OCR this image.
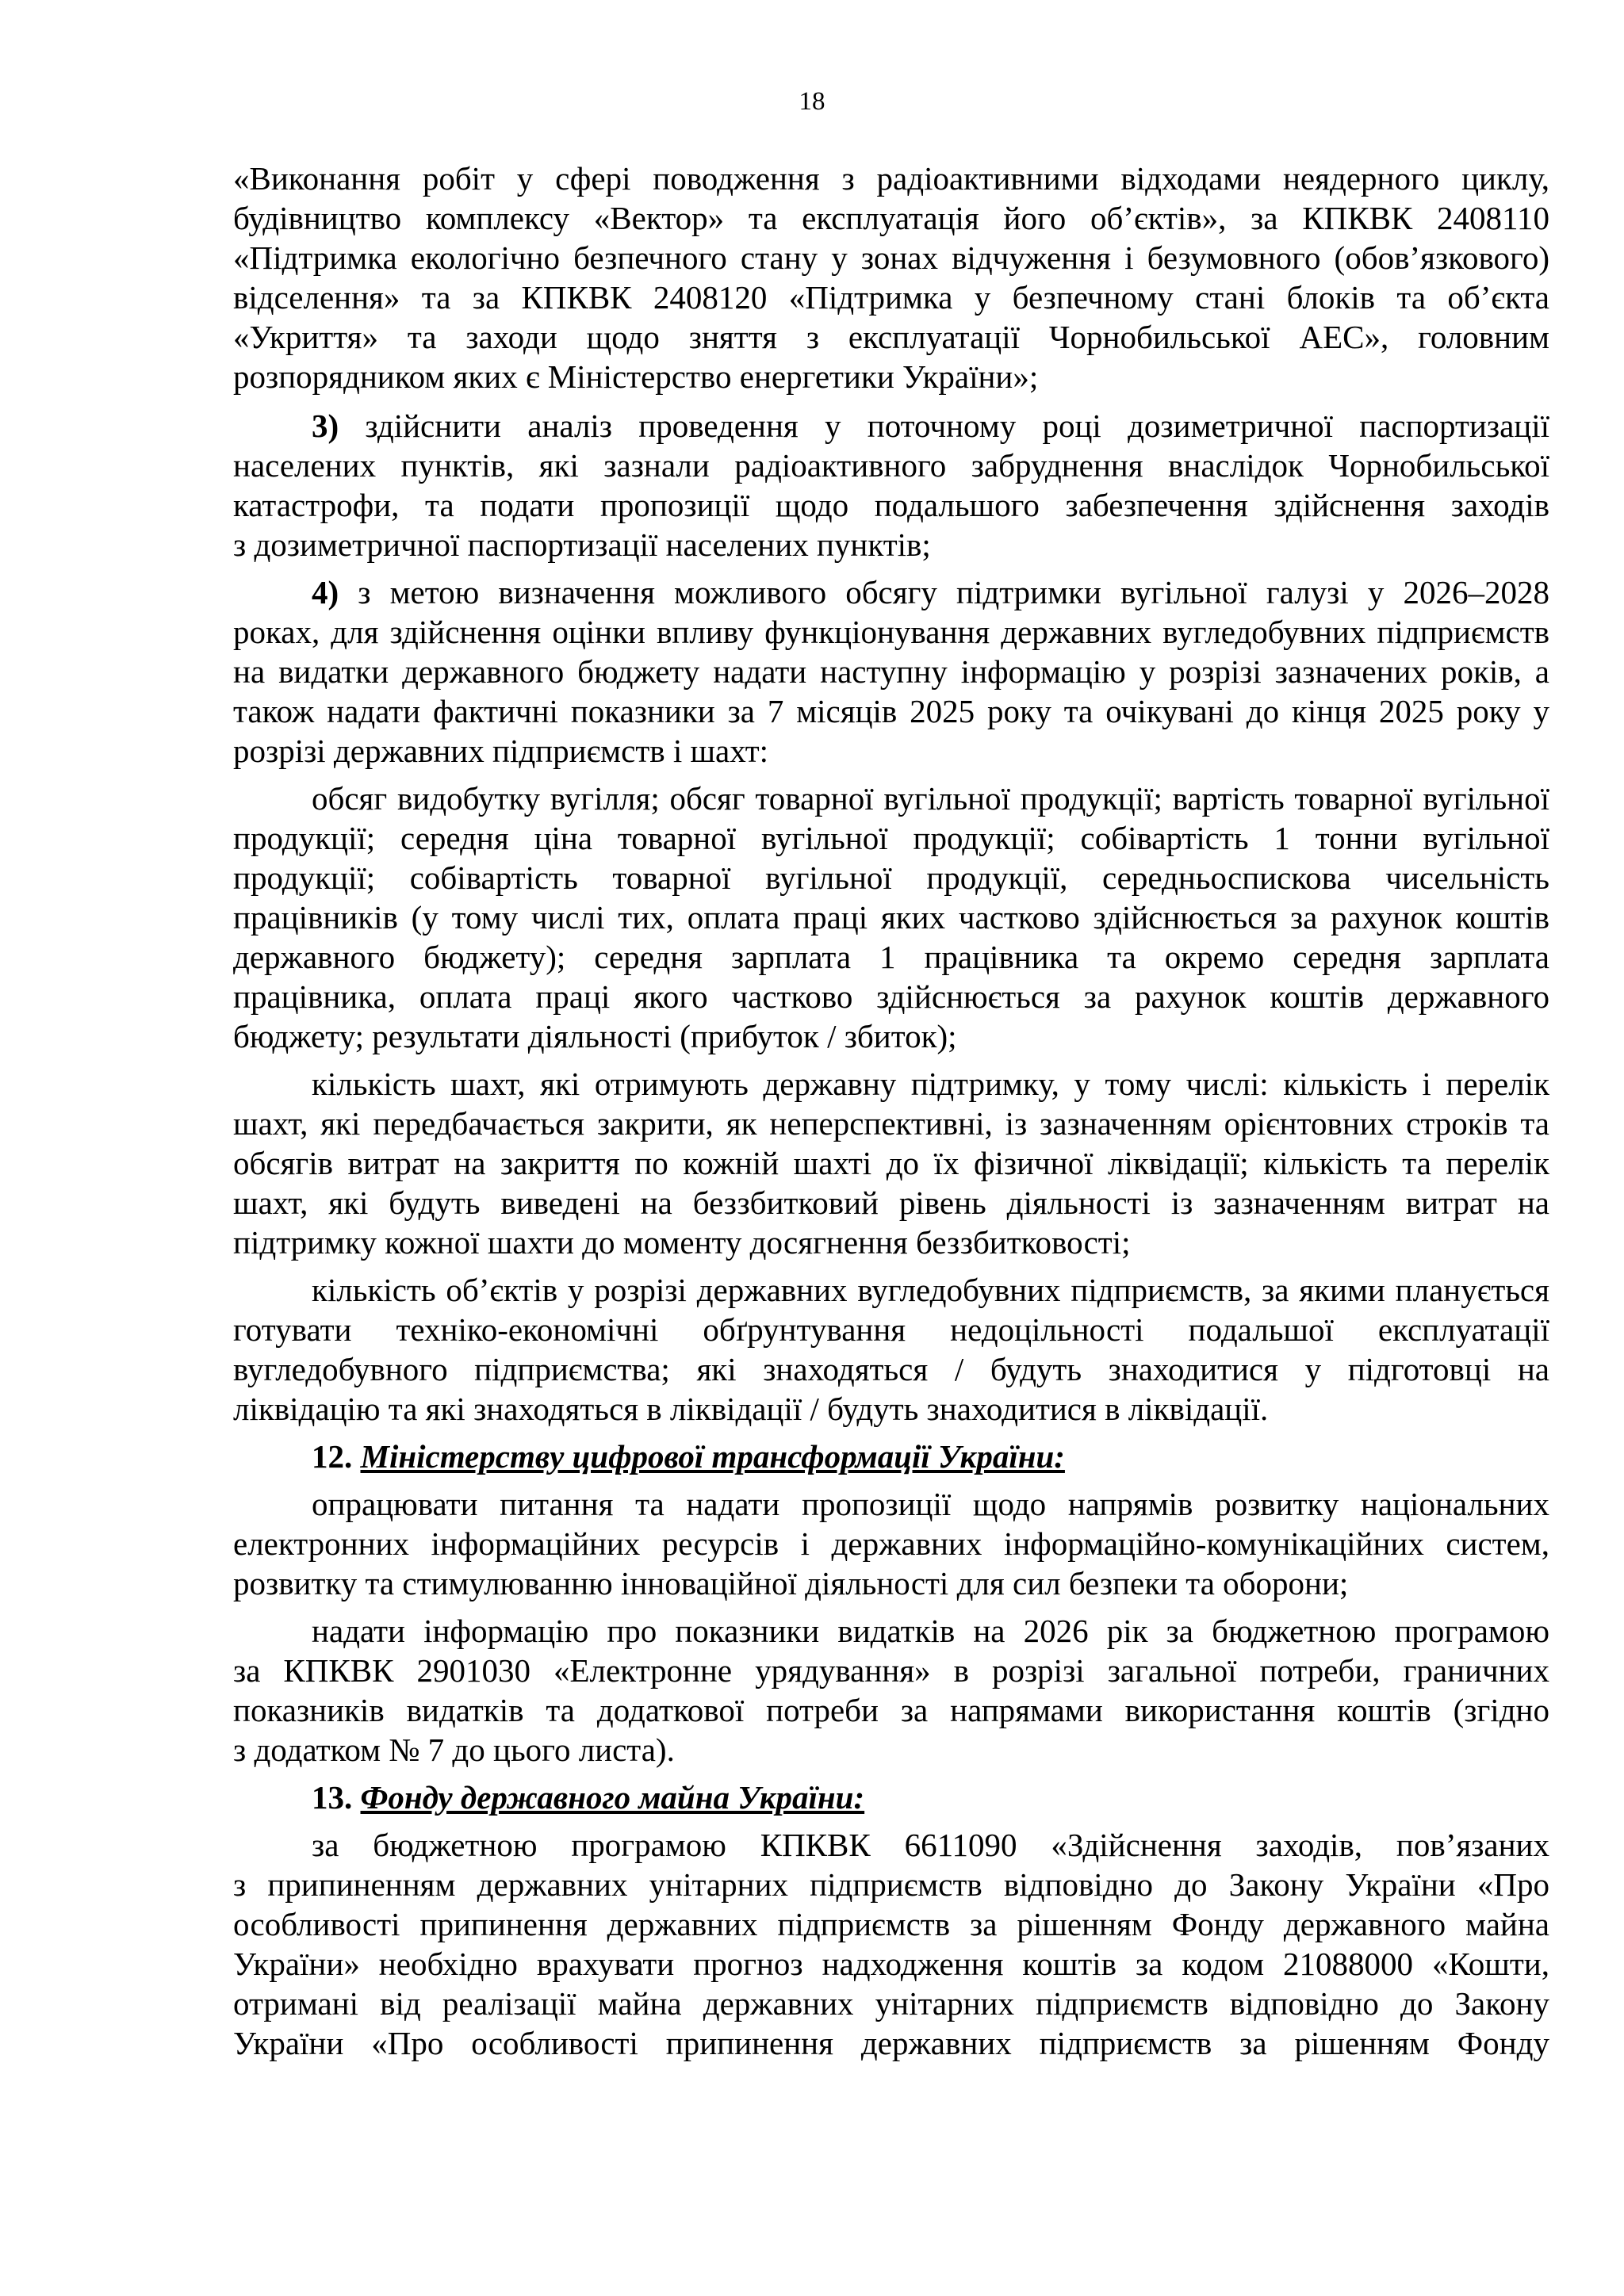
18
«Виконання робіт у сфері поводження з радіоактивними відходами неядерного циклу,
будівництво комплексу «Вектор» та експлуатація його об’єктів», за КПКВК 2408110
«Підтримка екологічно безпечного стану у зонах відчуження і безумовного (обов’язкового)
відселення» та за КПКВК 2408120 «Підтримка у безпечному стані блоків та об’єкта
«Укриття» та заходи щодо зняття з експлуатації Чорнобильської АЕС», головним
розпорядником яких є Міністерство енергетики України»;
3) здійснити аналіз проведення у поточному році дозиметричної паспортизації
населених пунктів, які зазнали радіоактивного забруднення внаслідок Чорнобильської
катастрофи, та подати пропозиції щодо подальшого забезпечення здійснення заходів
з дозиметричної паспортизації населених пунктів;
4) з метою визначення можливого обсягу підтримки вугільної галузі у 2026–2028
роках, для здійснення оцінки впливу функціонування державних вугледобувних підприємств
на видатки державного бюджету надати наступну інформацію у розрізі зазначених років, а
також надати фактичні показники за 7 місяців 2025 року та очікувані до кінця 2025 року у
розрізі державних підприємств і шахт:
обсяг видобутку вугілля; обсяг товарної вугільної продукції; вартість товарної вугільної
продукції; середня ціна товарної вугільної продукції; собівартість 1 тонни вугільної
продукції; собівартість товарної вугільної продукції, середньоспискова чисельність
працівників (у тому числі тих, оплата праці яких частково здійснюється за рахунок коштів
державного бюджету); середня зарплата 1 працівника та окремо середня зарплата
працівника, оплата праці якого частково здійснюється за рахунок коштів державного
бюджету; результати діяльності (прибуток / збиток);
кількість шахт, які отримують державну підтримку, у тому числі: кількість і перелік
шахт, які передбачається закрити, як неперспективні, із зазначенням орієнтовних строків та
обсягів витрат на закриття по кожній шахті до їх фізичної ліквідації; кількість та перелік
шахт, які будуть виведені на беззбитковий рівень діяльності із зазначенням витрат на
підтримку кожної шахти до моменту досягнення беззбитковості;
кількість об’єктів у розрізі державних вугледобувних підприємств, за якими планується
готувати техніко-економічні обґрунтування недоцільності подальшої експлуатації
вугледобувного підприємства; які знаходяться / будуть знаходитися у підготовці на
ліквідацію та які знаходяться в ліквідації / будуть знаходитися в ліквідації.
12. Міністерству цифрової трансформації України:
опрацювати питання та надати пропозиції щодо напрямів розвитку національних
електронних інформаційних ресурсів і державних інформаційно-комунікаційних систем,
розвитку та стимулюванню інноваційної діяльності для сил безпеки та оборони;
надати інформацію про показники видатків на 2026 рік за бюджетною програмою
за КПКВК 2901030 «Електронне урядування» в розрізі загальної потреби, граничних
показників видатків та додаткової потреби за напрямами використання коштів (згідно
з додатком № 7 до цього листа).
13. Фонду державного майна України:
за бюджетною програмою КПКВК 6611090 «Здійснення заходів, пов’язаних
з припиненням державних унітарних підприємств відповідно до Закону України «Про
особливості припинення державних підприємств за рішенням Фонду державного майна
України» необхідно врахувати прогноз надходження коштів за кодом 21088000 «Кошти,
отримані від реалізації майна державних унітарних підприємств відповідно до Закону
України «Про особливості припинення державних підприємств за рішенням Фонду
